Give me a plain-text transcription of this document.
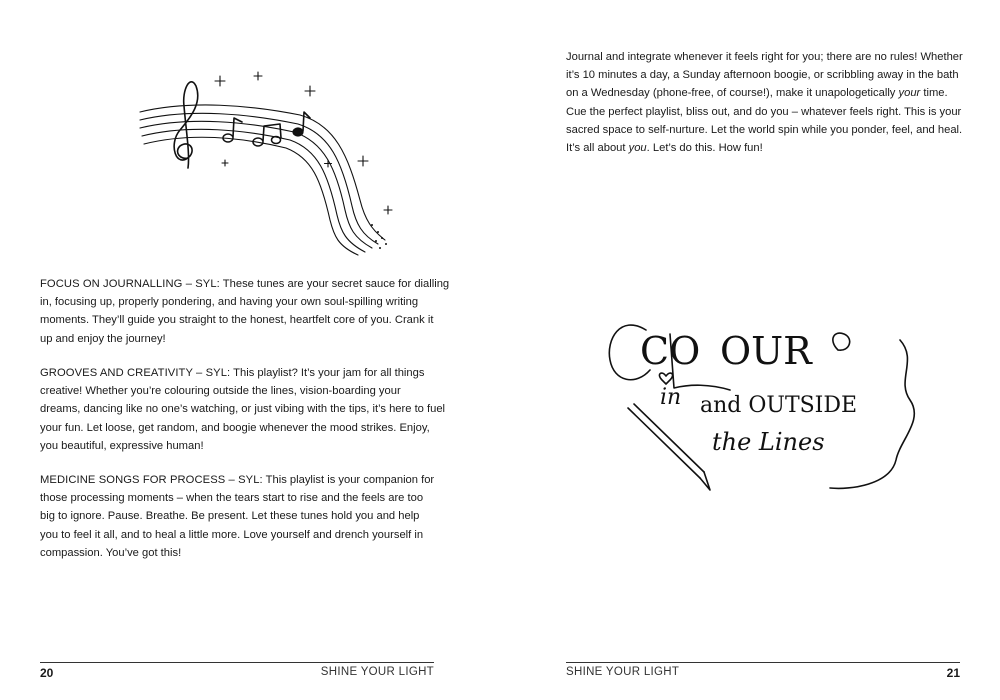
FOCUS ON JOURNALLING – SYL: These tunes are your secret sauce for dialling
in, focusing up, properly pondering, and having your own soul-spilling writing
moments. They’ll guide you straight to the honest, heartfelt core of you. Crank it
up and enjoy the journey!
GROOVES AND CREATIVITY – SYL: This playlist? It’s your jam for all things
creative! Whether you’re colouring outside the lines, vision-boarding your
dreams, dancing like no one’s watching, or just vibing with the tips, it’s here to fuel
your fun. Let loose, get random, and boogie whenever the mood strikes. Enjoy,
you beautiful, expressive human!
MEDICINE SONGS FOR PROCESS – SYL: This playlist is your companion for
those processing moments – when the tears start to rise and the feels are too
big to ignore. Pause. Breathe. Be present. Let these tunes hold you and help
you to feel it all, and to heal a little more. Love yourself and drench yourself in
compassion. You’ve got this!
20	SHINE YOUR LIGHT
Journal and integrate whenever it feels right for you; there are no rules! Whether
it’s 10 minutes a day, a Sunday afternoon boogie, or scribbling away in the bath
on a Wednesday (phone-free, of course!), make it unapologetically your time.
Cue the perfect playlist, bliss out, and do you – whatever feels right. This is your
sacred space to self-nurture. Let the world spin while you ponder, feel, and heal.
It’s all about you. Let’s do this. How fun!
CO OUR
in and OUTSIDE
the Lines
SHINE YOUR LIGHT	21
